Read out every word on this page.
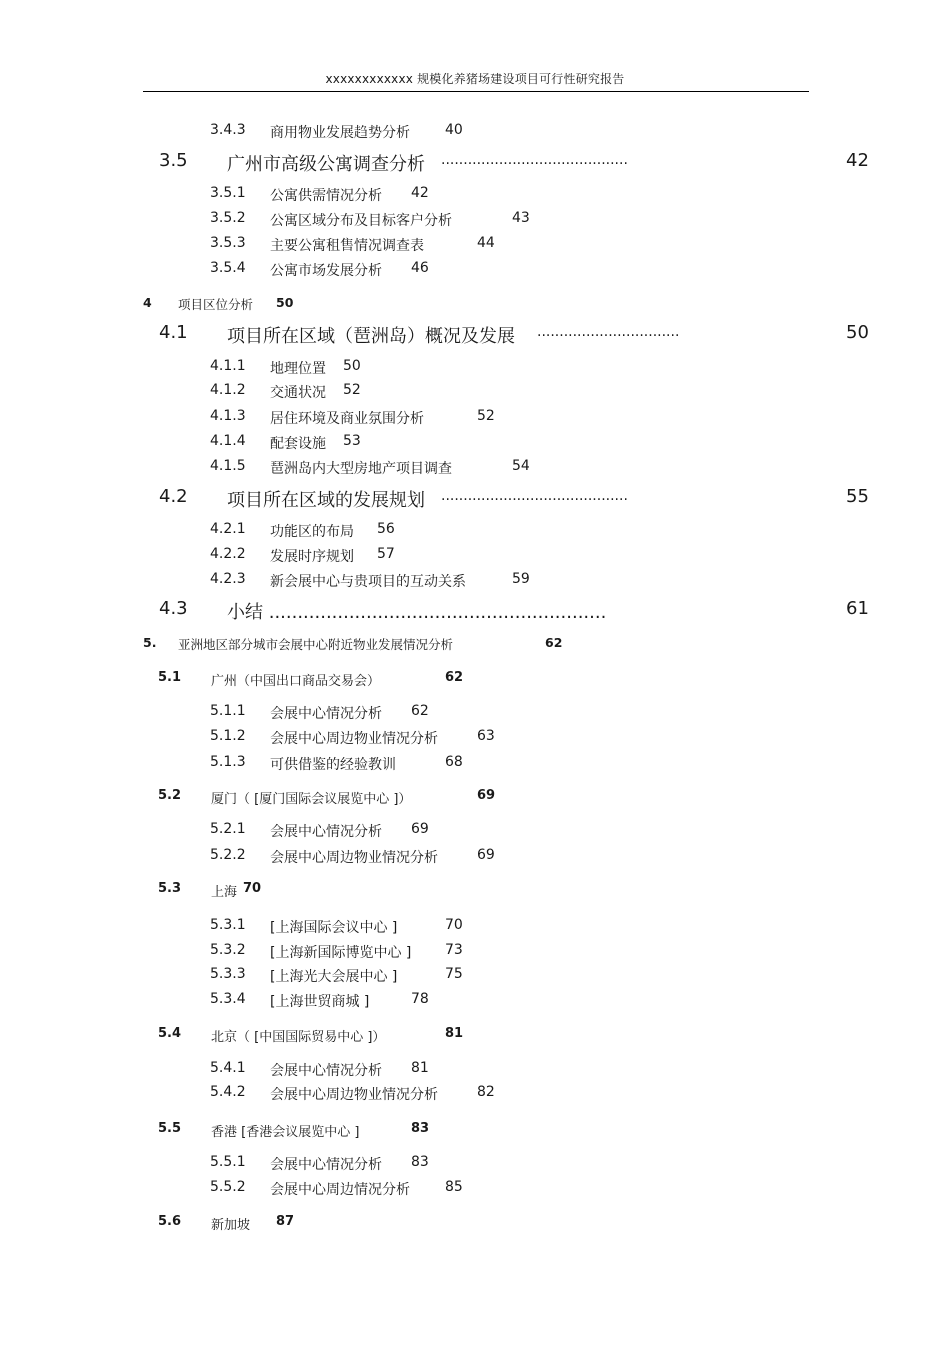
xxxxxxxxxxxx 规模化养猪场建设项目可行性研究报告
3.4.3 商用物业发展趋势分析	40
3.5 广州市高级公寓调查分析 ..........................................	42
3.5.1 公寓供需情况分析 42
3.5.2 公寓区域分布及目标客户分析	43
3.5.3 主要公寓租售情况调查表	44
3.5.4 公寓市场发展分析 46
4 项目区位分析 50
4.1 项目所在区域（琶洲岛）概况及发展 ................................	50
4.1.1 地理位置 50
4.1.2 交通状况 52
4.1.3 居住环境及商业氛围分析	52
4.1.4 配套设施 53
4.1.5 琶洲岛内大型房地产项目调查	54
4.2 项目所在区域的发展规划 ..........................................	55
4.2.1 功能区的布局 56
4.2.2 发展时序规划 57
4.2.3 新会展中心与贵项目的互动关系	59
4.3 小结 ...........................................................	61
5. 亚洲地区部分城市会展中心附近物业发展情况分析	62
5.1 广州（中国出口商品交易会）	62
5.1.1 会展中心情况分析 62
5.1.2 会展中心周边物业情况分析	63
5.1.3 可供借鉴的经验教训	68
5.2 厦门（ [厦门国际会议展览中心 ]）	69
5.2.1 会展中心情况分析 69
5.2.2 会展中心周边物业情况分析	69
5.3 上海 70
5.3.1 [上海国际会议中心 ]	70
5.3.2 [上海新国际博览中心 ] 73
5.3.3 [上海光大会展中心 ]	75
5.3.4 [上海世贸商城 ]	78
5.4 北京（ [中国国际贸易中心 ]）	81
5.4.1 会展中心情况分析 81
5.4.2 会展中心周边物业情况分析	82
5.5 香港 [香港会议展览中心 ]	83
5.5.1 会展中心情况分析 83
5.5.2 会展中心周边情况分析	85
5.6 新加坡 87
